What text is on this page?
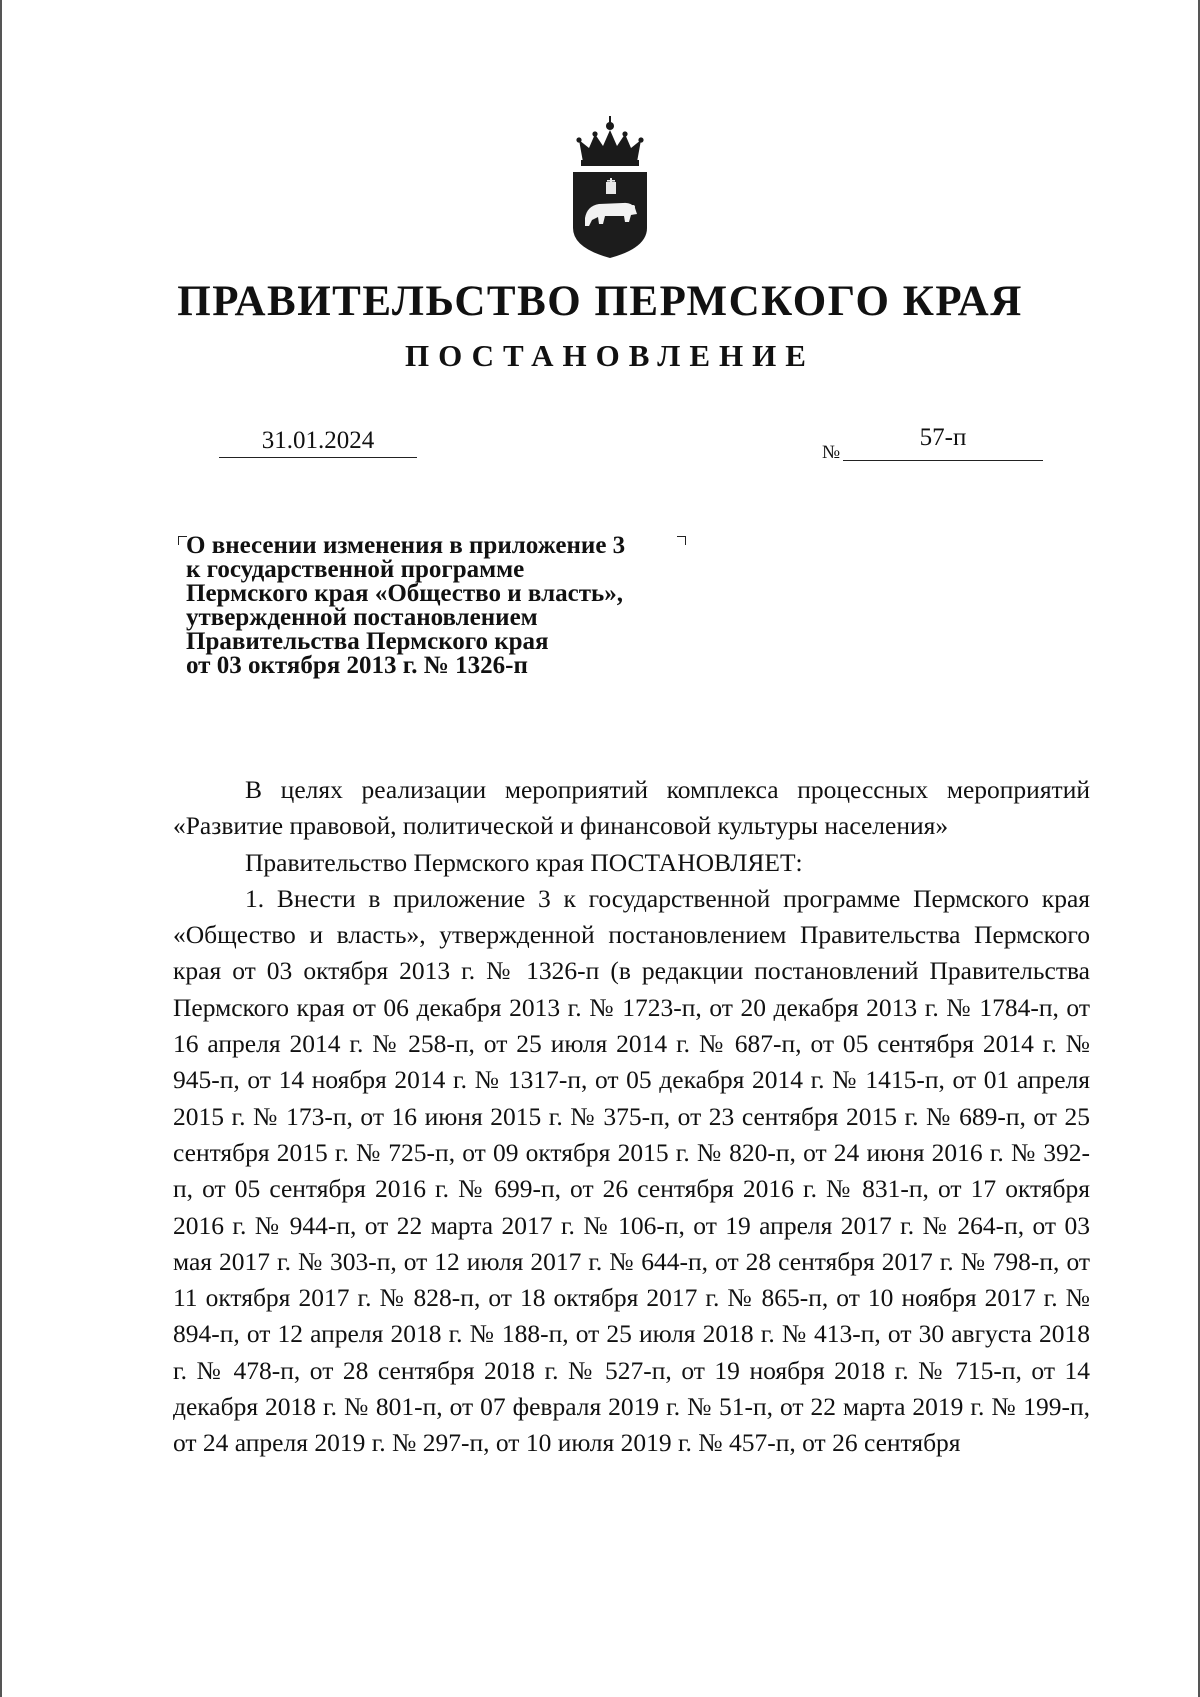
ПРАВИТЕЛЬСТВО ПЕРМСКОГО КРАЯ
ПОСТАНОВЛЕНИЕ
31.01.2024	№
57-п
О внесении изменения в приложение 3
к государственной программе
Пермского края «Общество и власть»,
утвержденной постановлением
Правительства Пермского края
от 03 октября 2013 г. № 1326-п
В целях реализации мероприятий комплекса процессных мероприятий «Развитие правовой, политической и финансовой культуры населения»
Правительство Пермского края ПОСТАНОВЛЯЕТ:
1. Внести в приложение 3 к государственной программе Пермского края «Общество и власть», утвержденной постановлением Правительства Пермского края от 03 октября 2013 г. № 1326-п (в редакции постановлений Правительства Пермского края от 06 декабря 2013 г. № 1723-п, от 20 декабря 2013 г. № 1784-п, от 16 апреля 2014 г. № 258-п, от 25 июля 2014 г. № 687-п, от 05 сентября 2014 г. № 945-п, от 14 ноября 2014 г. № 1317-п, от 05 декабря 2014 г. № 1415-п, от 01 апреля 2015 г. № 173-п, от 16 июня 2015 г. № 375-п, от 23 сентября 2015 г. № 689-п, от 25 сентября 2015 г. № 725-п, от 09 октября 2015 г. № 820-п, от 24 июня 2016 г. № 392-п, от 05 сентября 2016 г. № 699-п, от 26 сентября 2016 г. № 831-п, от 17 октября 2016 г. № 944-п, от 22 марта 2017 г. № 106-п, от 19 апреля 2017 г. № 264-п, от 03 мая 2017 г. № 303-п, от 12 июля 2017 г. № 644-п, от 28 сентября 2017 г. № 798-п, от 11 октября 2017 г. № 828-п, от 18 октября 2017 г. № 865-п, от 10 ноября 2017 г. № 894-п, от 12 апреля 2018 г. № 188-п, от 25 июля 2018 г. № 413-п, от 30 августа 2018 г. № 478-п, от 28 сентября 2018 г. № 527-п, от 19 ноября 2018 г. № 715-п, от 14 декабря 2018 г. № 801-п, от 07 февраля 2019 г. № 51-п, от 22 марта 2019 г. № 199-п, от 24 апреля 2019 г. № 297-п, от 10 июля 2019 г. № 457-п, от 26 сентября
